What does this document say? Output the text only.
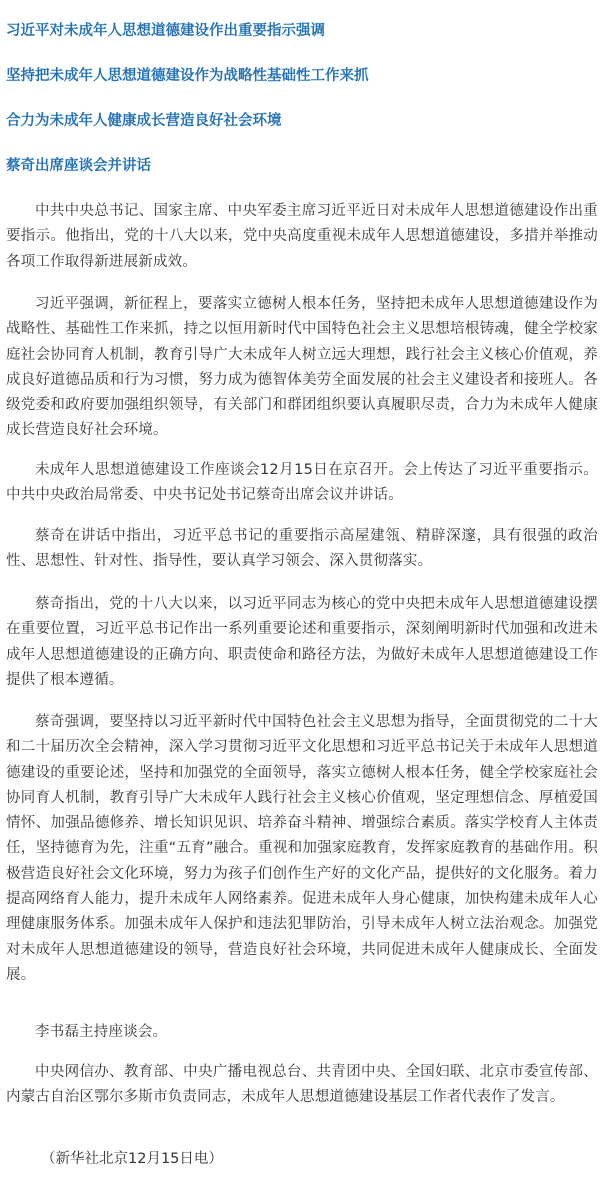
习近平对未成年人思想道德建设作出重要指示强调
坚持把未成年人思想道德建设作为战略性基础性工作来抓
合力为未成年人健康成长营造良好社会环境
蔡奇出席座谈会并讲话

中共中央总书记、国家主席、中央军委主席习近平近日对未成年人思想道德建设作出重要指示。他指出，党的十八大以来，党中央高度重视未成年人思想道德建设，多措并举推动各项工作取得新进展新成效。

习近平强调，新征程上，要落实立德树人根本任务，坚持把未成年人思想道德建设作为战略性、基础性工作来抓，持之以恒用新时代中国特色社会主义思想培根铸魂，健全学校家庭社会协同育人机制，教育引导广大未成年人树立远大理想，践行社会主义核心价值观，养成良好道德品质和行为习惯，努力成为德智体美劳全面发展的社会主义建设者和接班人。各级党委和政府要加强组织领导，有关部门和群团组织要认真履职尽责，合力为未成年人健康成长营造良好社会环境。

未成年人思想道德建设工作座谈会12月15日在京召开。会上传达了习近平重要指示。中共中央政治局常委、中央书记处书记蔡奇出席会议并讲话。

蔡奇在讲话中指出，习近平总书记的重要指示高屋建瓴、精辟深邃，具有很强的政治性、思想性、针对性、指导性，要认真学习领会、深入贯彻落实。

蔡奇指出，党的十八大以来，以习近平同志为核心的党中央把未成年人思想道德建设摆在重要位置，习近平总书记作出一系列重要论述和重要指示，深刻阐明新时代加强和改进未成年人思想道德建设的正确方向、职责使命和路径方法，为做好未成年人思想道德建设工作提供了根本遵循。

蔡奇强调，要坚持以习近平新时代中国特色社会主义思想为指导，全面贯彻党的二十大和二十届历次全会精神，深入学习贯彻习近平文化思想和习近平总书记关于未成年人思想道德建设的重要论述，坚持和加强党的全面领导，落实立德树人根本任务，健全学校家庭社会协同育人机制，教育引导广大未成年人践行社会主义核心价值观，坚定理想信念、厚植爱国情怀、加强品德修养、增长知识见识、培养奋斗精神、增强综合素质。落实学校育人主体责任，坚持德育为先，注重“五育”融合。重视和加强家庭教育，发挥家庭教育的基础作用。积极营造良好社会文化环境，努力为孩子们创作生产好的文化产品，提供好的文化服务。着力提高网络育人能力，提升未成年人网络素养。促进未成年人身心健康，加快构建未成年人心理健康服务体系。加强未成年人保护和违法犯罪防治，引导未成年人树立法治观念。加强党对未成年人思想道德建设的领导，营造良好社会环境，共同促进未成年人健康成长、全面发展。

李书磊主持座谈会。

中央网信办、教育部、中央广播电视总台、共青团中央、全国妇联、北京市委宣传部、内蒙古自治区鄂尔多斯市负责同志，未成年人思想道德建设基层工作者代表作了发言。

（新华社北京12月15日电）
